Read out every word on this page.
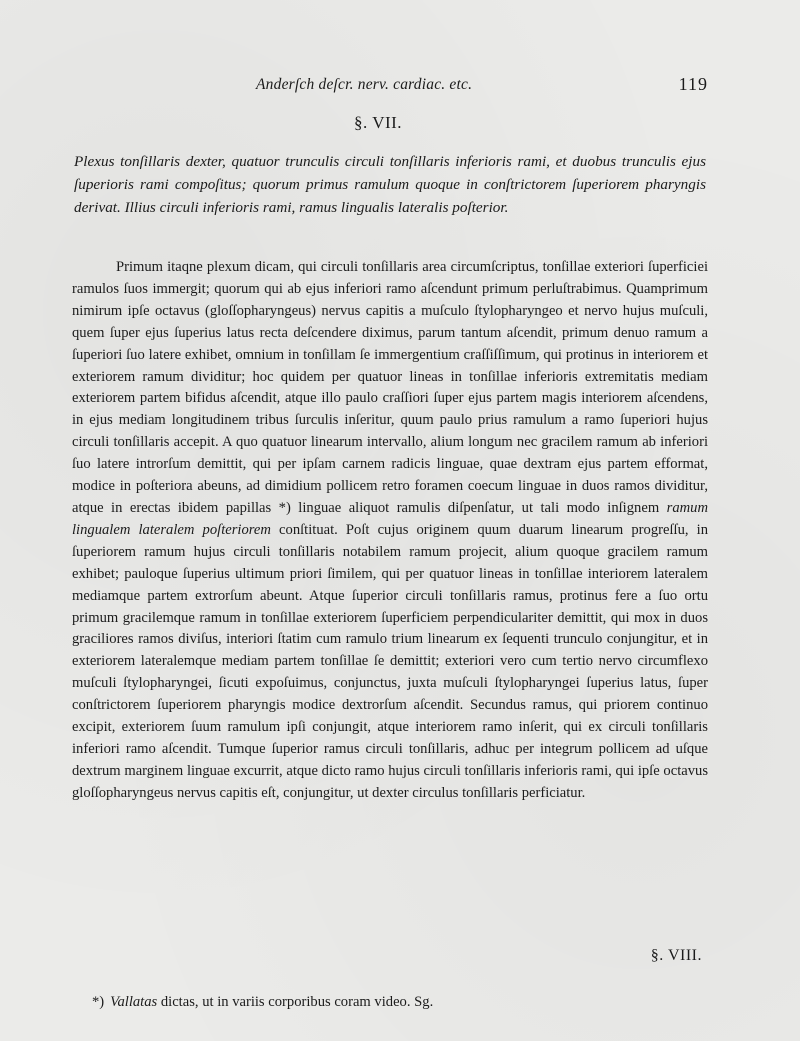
Anderſch deſcr. nerv. cardiac. etc.	119
§. VII.

Plexus tonſillaris dexter, quatuor trunculis circuli tonſillaris inferioris rami, et duobus trunculis ejus ſuperioris rami compoſitus; quorum primus ramulum quoque in conſtrictorem ſuperiorem pharyngis derivat. Illius circuli inferioris rami, ramus lingualis lateralis poſterior.

Primum itaqne plexum dicam, qui circuli tonſillaris area circumſcriptus, tonſillae exteriori ſuperficiei ramulos ſuos immergit; quorum qui ab ejus inferiori ramo aſcendunt primum perluſtrabimus. Quamprimum nimirum ipſe octavus (gloſſopharyngeus) nervus capitis a muſculo ſtylopharyngeo et nervo hujus muſculi, quem ſuper ejus ſuperius latus recta deſcendere diximus, parum tantum aſcendit, primum denuo ramum a ſuperiori ſuo latere exhibet, omnium in tonſillam ſe immergentium craſſiſſimum, qui protinus in interiorem et exteriorem ramum dividitur; hoc quidem per quatuor lineas in tonſillae inferioris extremitatis mediam exteriorem partem bifidus aſcendit, atque illo paulo craſſiori ſuper ejus partem magis interiorem aſcendens, in ejus mediam longitudinem tribus ſurculis inſeritur, quum paulo prius ramulum a ramo ſuperiori hujus circuli tonſillaris accepit. A quo quatuor linearum intervallo, alium longum nec gracilem ramum ab inferiori ſuo latere introrſum demittit, qui per ipſam carnem radicis linguae, quae dextram ejus partem efformat, modice in poſteriora abeuns, ad dimidium pollicem retro foramen coecum linguae in duos ramos dividitur, atque in erectas ibidem papillas *) linguae aliquot ramulis diſpenſatur, ut tali modo inſignem ramum lingualem lateralem poſteriorem conſtituat. Poſt cujus originem quum duarum linearum progreſſu, in ſuperiorem ramum hujus circuli tonſillaris notabilem ramum projecit, alium quoque gracilem ramum exhibet; pauloque ſuperius ultimum priori ſimilem, qui per quatuor lineas in tonſillae interiorem lateralem mediamque partem extrorſum abeunt. Atque ſuperior circuli tonſillaris ramus, protinus fere a ſuo ortu primum gracilemque ramum in tonſillae exteriorem ſuperficiem perpendiculariter demittit, qui mox in duos graciliores ramos diviſus, interiori ſtatim cum ramulo trium linearum ex ſequenti trunculo conjungitur, et in exteriorem lateralemque mediam partem tonſillae ſe demittit; exteriori vero cum tertio nervo circumflexo muſculi ſtylopharyngei, ſicuti expoſuimus, conjunctus, juxta muſculi ſtylopharyngei ſuperius latus, ſuper conſtrictorem ſuperiorem pharyngis modice dextrorſum aſcendit. Secundus ramus, qui priorem continuo excipit, exteriorem ſuum ramulum ipſi conjungit, atque interiorem ramo inſerit, qui ex circuli tonſillaris inferiori ramo aſcendit. Tumque ſuperior ramus circuli tonſillaris, adhuc per integrum pollicem ad uſque dextrum marginem linguae excurrit, atque dicto ramo hujus circuli tonſillaris inferioris rami, qui ipſe octavus gloſſopharyngeus nervus capitis eſt, conjungitur, ut dexter circulus tonſillaris perficiatur.

§. VIII.
*) Vallatas dictas, ut in variis corporibus coram video. Sg.
